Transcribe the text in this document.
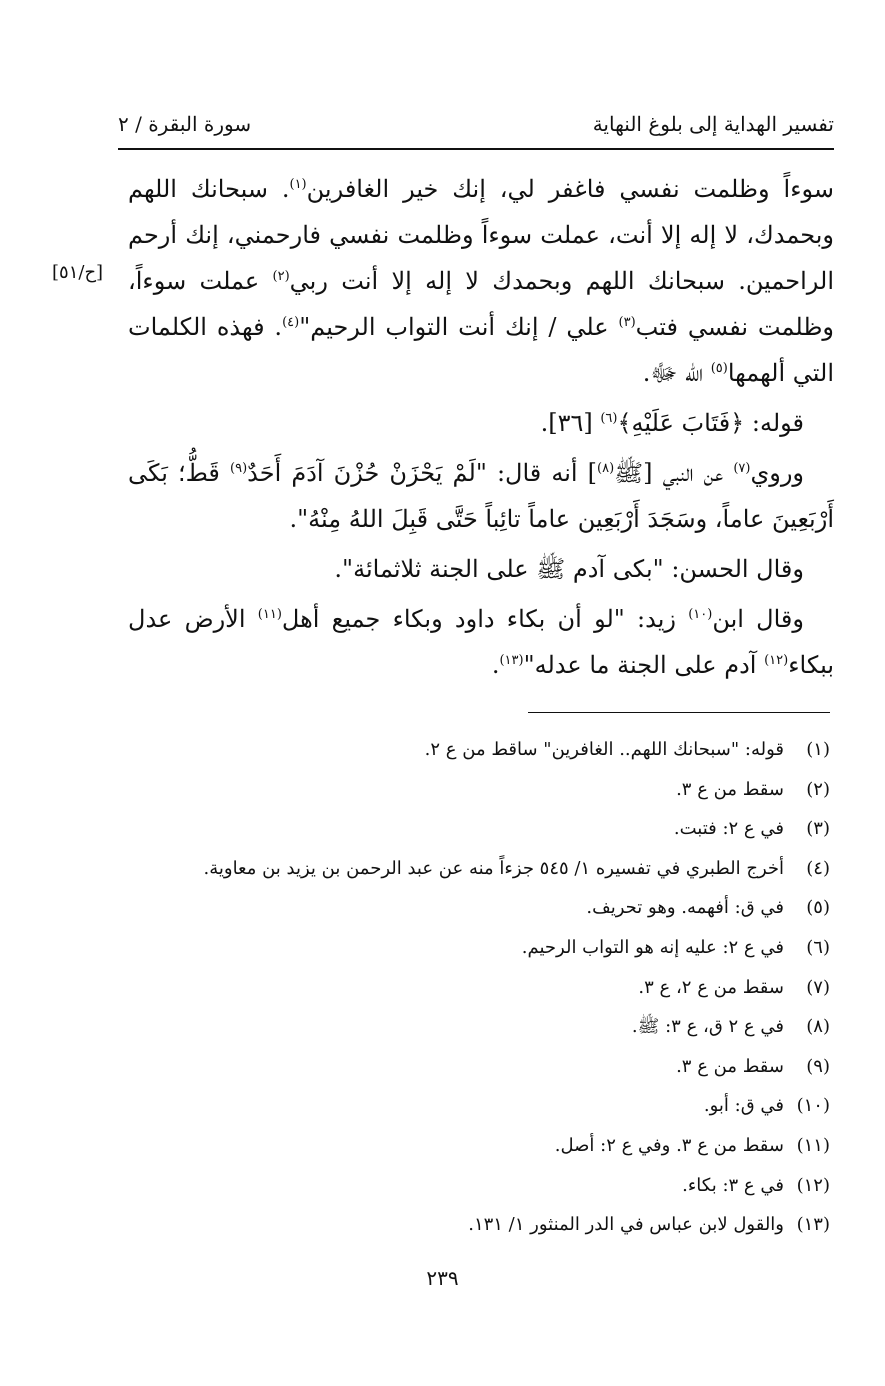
تفسير الهداية إلى بلوغ النهاية
سورة البقرة / ٢
[ح/٥١]

سوءاً وظلمت نفسي فاغفر لي، إنك خير الغافرين$^{(١)}$. سبحانك اللهم وبحمدك، لا إله إلا أنت، عملت سوءاً وظلمت نفسي فارحمني، إنك أرحم الراحمين. سبحانك اللهم وبحمدك لا إله إلا أنت ربي$^{(٢)}$ عملت سوءاً، وظلمت نفسي فتب$^{(٣)}$ علي / إنك أنت التواب الرحيم"$^{(٤)}$. فهذه الكلمات التي ألهمها$^{(٥)}$ الله ﷻ.

قوله: ﴿فَتَابَ عَلَيْهِ﴾$^{(٦)}$ [٣٦].

وروي$^{(٧)}$ عن النبي [ﷺ$^{(٨)}$] أنه قال: "لَمْ يَحْزَنْ حُزْنَ آدَمَ أَحَدٌ$^{(٩)}$ قَطُّ؛ بَكَى أَرْبَعِينَ عاماً، وسَجَدَ أَرْبَعِين عاماً تائِباً حَتَّى قَبِلَ اللهُ مِنْهُ".

وقال الحسن: "بكى آدم ﷺ على الجنة ثلاثمائة".

وقال ابن$^{(١٠)}$ زيد: "لو أن بكاء داود وبكاء جميع أهل$^{(١١)}$ الأرض عدل ببكاء$^{(١٢)}$ آدم على الجنة ما عدله"$^{(١٣)}$.

(١)قوله: "سبحانك اللهم.. الغافرين" ساقط من ع ٢.
(٢)سقط من ع ٣.
(٣)في ع ٢: فتبت.
(٤)أخرج الطبري في تفسيره ١/ ٥٤٥ جزءاً منه عن عبد الرحمن بن يزيد بن معاوية.
(٥)في ق: أفهمه. وهو تحريف.
(٦)في ع ٢: عليه إنه هو التواب الرحيم.
(٧)سقط من ع ٢، ع ٣.
(٨)في ع ٢ ق، ع ٣: ﷺ.
(٩)سقط من ع ٣.
(١٠)في ق: أبو.
(١١)سقط من ع ٣. وفي ع ٢: أصل.
(١٢)في ع ٣: بكاء.
(١٣)والقول لابن عباس في الدر المنثور ١/ ١٣١.
٢٣٩
